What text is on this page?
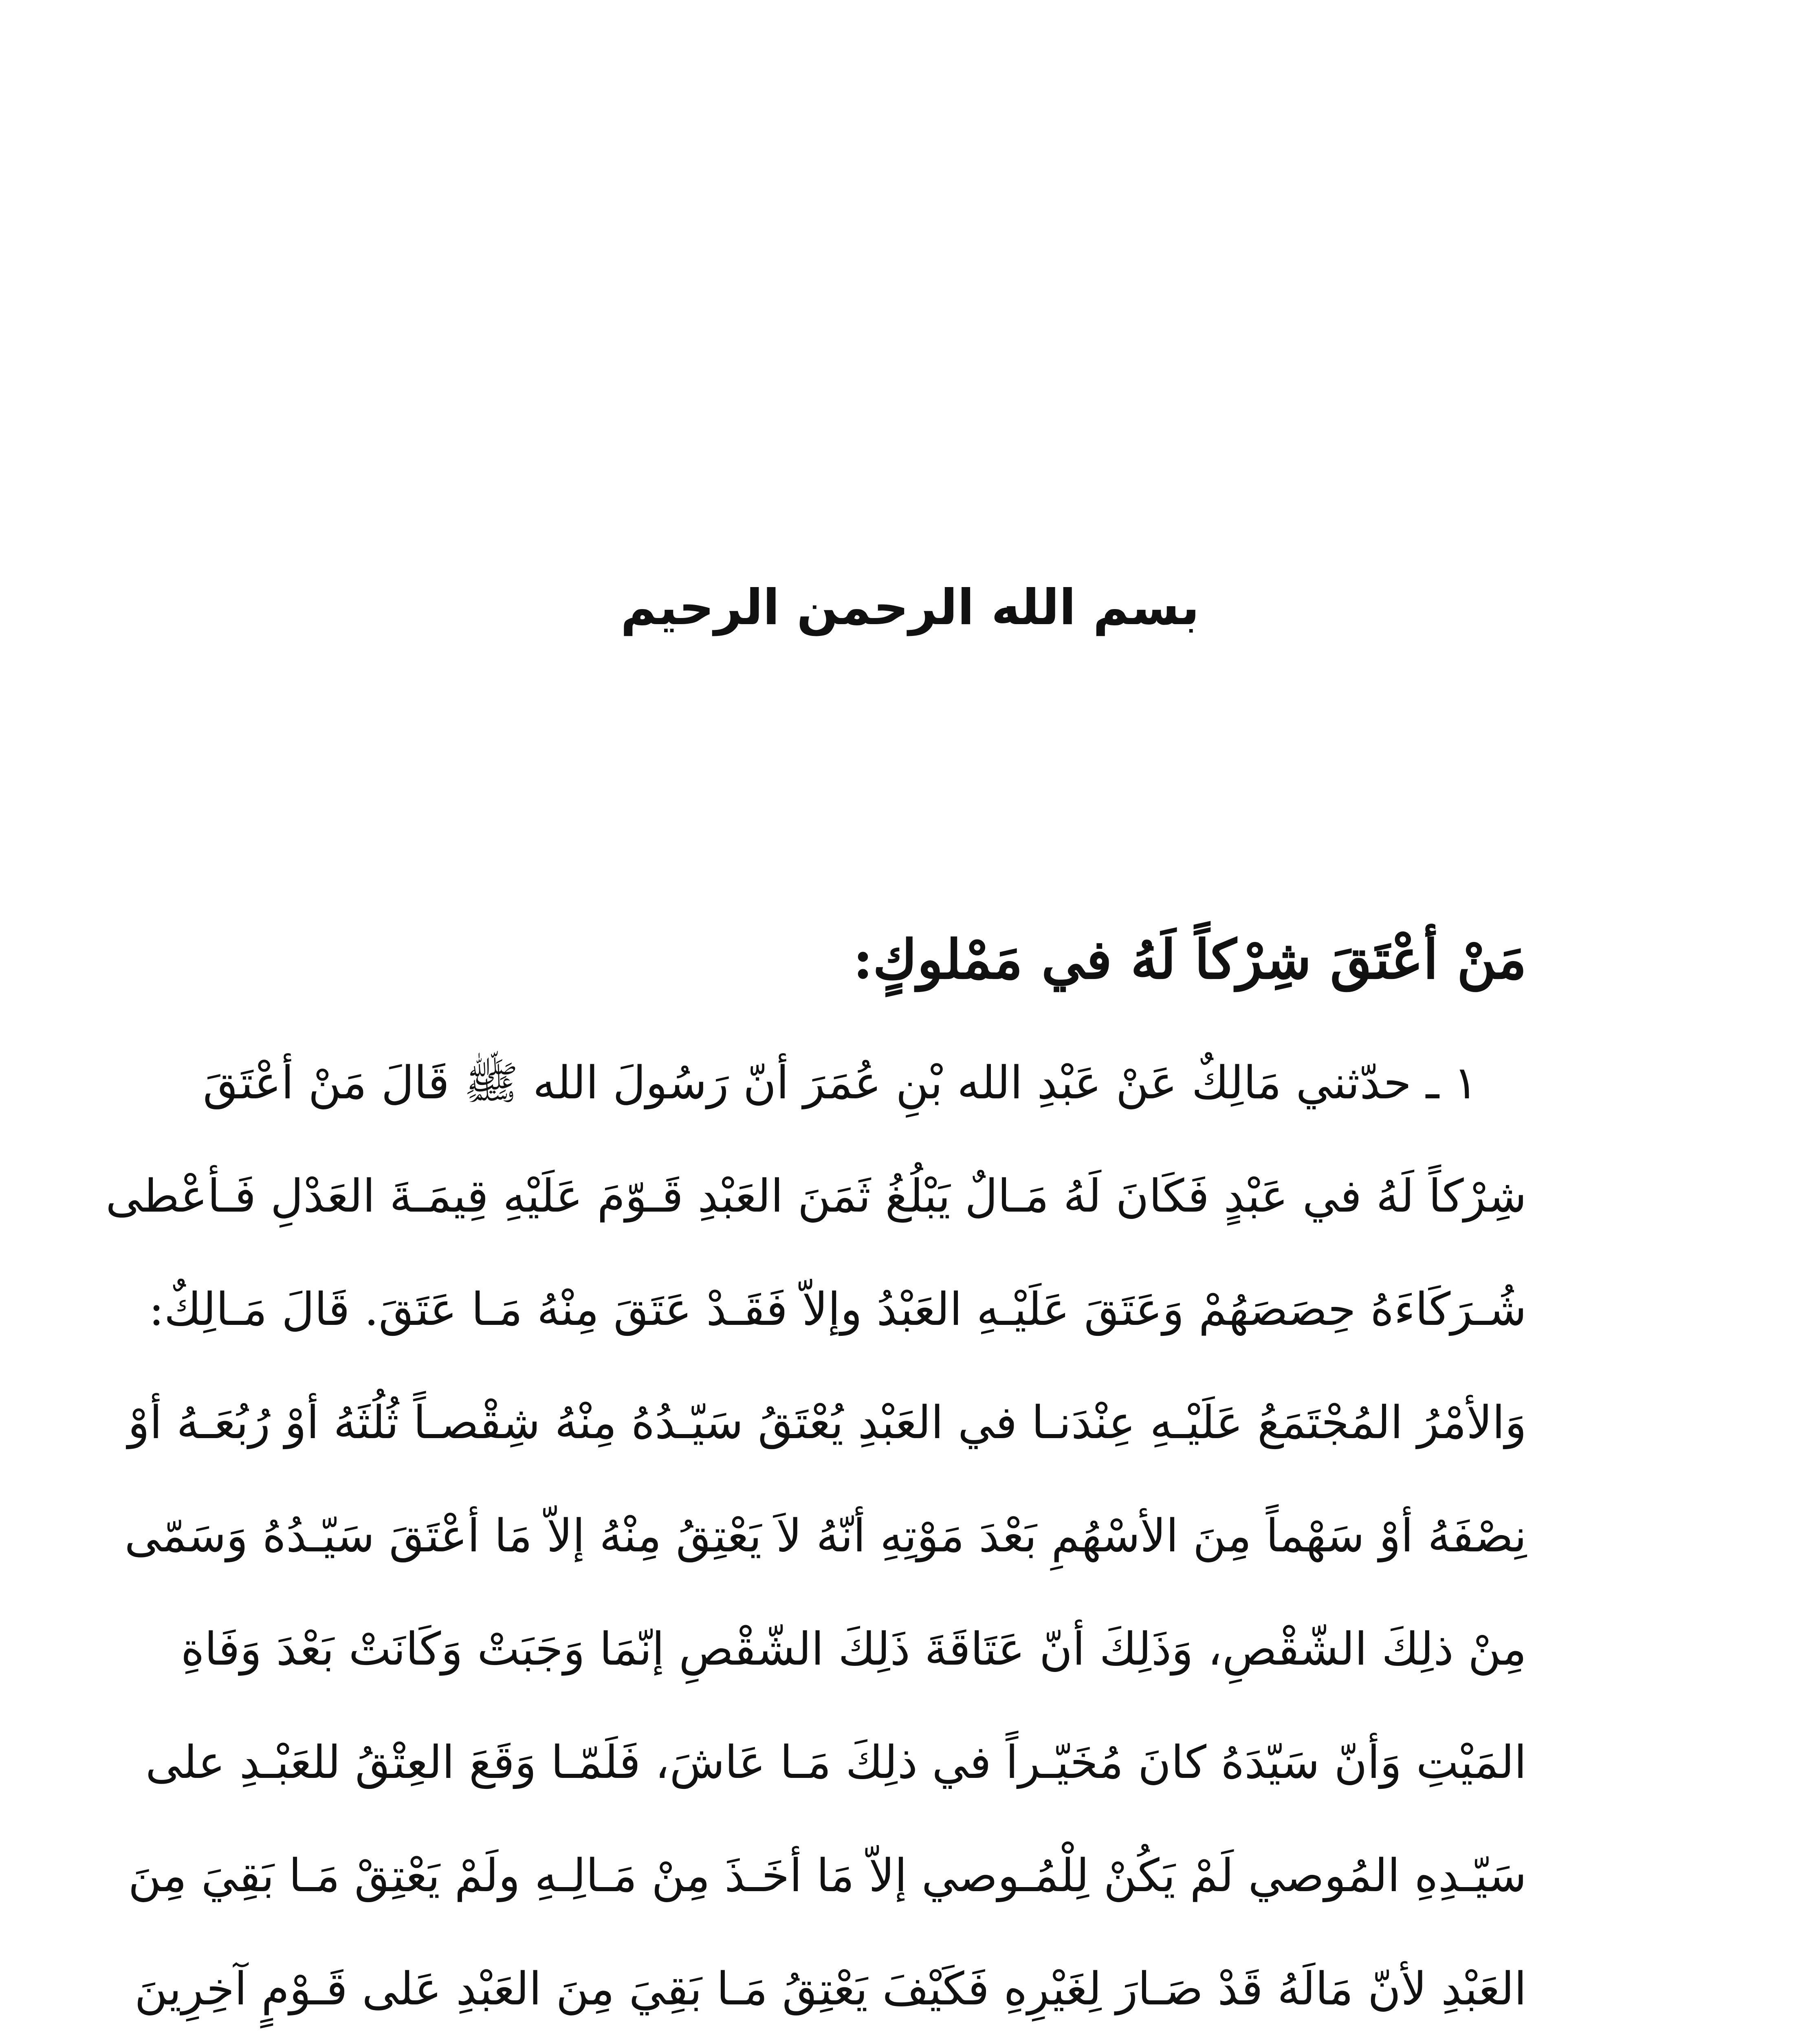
بسم الله الرحمن الرحيم
مَنْ أعْتَقَ شِرْكاً لَهُ في مَمْلوكٍ:
١ ـ حدّثني مَالِكٌ عَنْ عَبْدِ الله بْنِ عُمَرَ أنّ رَسُولَ الله ﷺ قَالَ مَنْ أعْتَقَ
شِرْكاً لَهُ في عَبْدٍ فَكَانَ لَهُ مَـالٌ يَبْلُغُ ثَمَنَ العَبْدِ قَـوّمَ عَلَيْهِ قِيمَـةَ العَدْلِ فَـأعْطى
شُـرَكَاءَهُ حِصَصَهُمْ وَعَتَقَ عَلَيْـهِ العَبْدُ وإلاّ فَقَـدْ عَتَقَ مِنْهُ مَـا عَتَقَ. قَالَ مَـالِكٌ:
وَالأمْرُ المُجْتَمَعُ عَلَيْـهِ عِنْدَنـا في العَبْدِ يُعْتَقُ سَيّـدُهُ مِنْهُ شِقْصـاً ثُلُثَهُ أوْ رُبُعَـهُ أوْ
نِصْفَهُ أوْ سَهْماً مِنَ الأسْهُمِ بَعْدَ مَوْتِهِ أنّهُ لاَ يَعْتِقُ مِنْهُ إلاّ مَا أعْتَقَ سَيّـدُهُ وَسَمّى
مِنْ ذلِكَ الشّقْصِ، وَذَلِكَ أنّ عَتَاقَةَ ذَلِكَ الشّقْصِ إنّمَا وَجَبَتْ وَكَانَتْ بَعْدَ وَفَاةِ
المَيْتِ وَأنّ سَيّدَهُ كانَ مُخَيّـراً في ذلِكَ مَـا عَاشَ، فَلَمّـا وَقَعَ العِتْقُ للعَبْـدِ على
سَيّـدِهِ المُوصي لَمْ يَكُنْ لِلْمُـوصي إلاّ مَا أخَـذَ مِنْ مَـالِـهِ ولَمْ يَعْتِقْ مَـا بَقِيَ مِنَ
العَبْدِ لأنّ مَالَهُ قَدْ صَـارَ لِغَيْرِهِ فَكَيْفَ يَعْتِقُ مَـا بَقِيَ مِنَ العَبْدِ عَلى قَـوْمٍ آخِرِينَ
